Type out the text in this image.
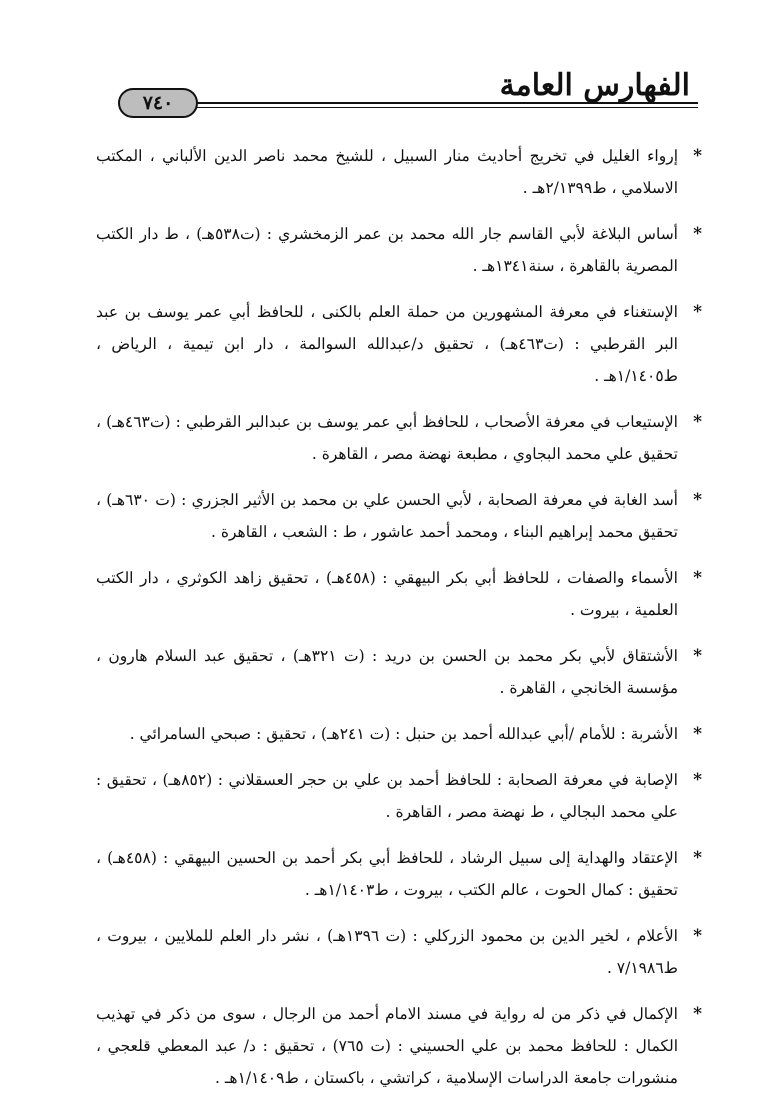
الفهارس العامة
٧٤٠
*
إرواء الغليل في تخريج أحاديث منار السبيل ، للشيخ محمد ناصر الدين الألباني ، المكتب الاسلامي ، ط٢/١٣٩٩هـ .
*
أساس البلاغة لأبي القاسم جار الله محمد بن عمر الزمخشري : (ت٥٣٨هـ) ، ط دار الكتب المصرية بالقاهرة ، سنة١٣٤١هـ .
*
الإستغناء في معرفة المشهورين من حملة العلم بالكنى ، للحافظ أبي عمر يوسف بن عبد البر القرطبي : (ت٤٦٣هـ) ، تحقيق د/عبدالله السوالمة ، دار ابن تيمية ، الرياض ، ط١/١٤٠٥هـ .
*
الإستيعاب في معرفة الأصحاب ، للحافظ أبي عمر يوسف بن عبدالبر القرطبي : (ت٤٦٣هـ) ، تحقيق علي محمد البجاوي ، مطبعة نهضة مصر ، القاهرة .
*
أسد الغابة في معرفة الصحابة ، لأبي الحسن علي بن محمد بن الأثير الجزري : (ت ٦٣٠هـ) ، تحقيق محمد إبراهيم البناء ، ومحمد أحمد عاشور ، ط : الشعب ، القاهرة .
*
الأسماء والصفات ، للحافظ أبي بكر البيهقي : (٤٥٨هـ) ، تحقيق زاهد الكوثري ، دار الكتب العلمية ، بيروت .
*
الأشتقاق لأبي بكر محمد بن الحسن بن دريد : (ت ٣٢١هـ) ، تحقيق عبد السلام هارون ، مؤسسة الخانجي ، القاهرة .
*
الأشربة : للأمام /أبي عبدالله أحمد بن حنبل : (ت ٢٤١هـ) ، تحقيق : صبحي السامرائي .
*
الإصابة في معرفة الصحابة : للحافظ أحمد بن علي بن حجر العسقلاني : (٨٥٢هـ) ، تحقيق : علي محمد البجالي ، ط نهضة مصر ، القاهرة .
*
الإعتقاد والهداية إلى سبيل الرشاد ، للحافظ أبي بكر أحمد بن الحسين البيهقي : (٤٥٨هـ) ، تحقيق : كمال الحوت ، عالم الكتب ، بيروت ، ط١/١٤٠٣هـ .
*
الأعلام ، لخير الدين بن محمود الزركلي : (ت ١٣٩٦هـ) ، نشر دار العلم للملايين ، بيروت ، ط٧/١٩٨٦ .
*
الإكمال في ذكر من له رواية في مسند الامام أحمد من الرجال ، سوى من ذكر في تهذيب الكمال : للحافظ محمد بن علي الحسيني : (ت ٧٦٥) ، تحقيق : د/ عبد المعطي قلعجي ، منشورات جامعة الدراسات الإسلامية ، كراتشي ، باكستان ، ط١/١٤٠٩هـ .
